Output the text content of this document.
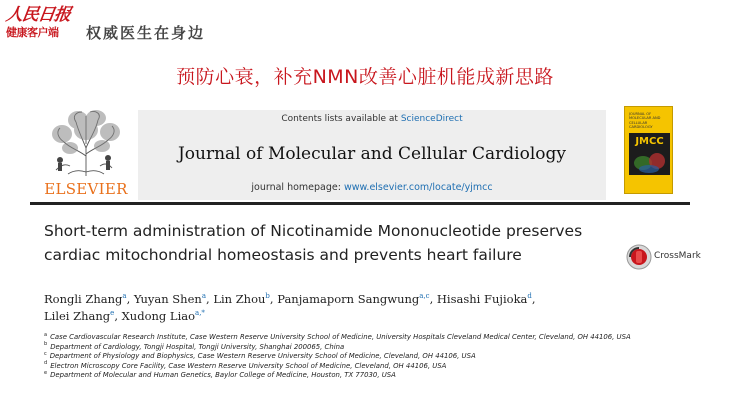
人民日报
健康客户端	权威医生在身边
预防心衰，补充NMN改善心脏机能成新思路
ELSEVIER
Contents lists available at ScienceDirect
Journal of Molecular and Cellular Cardiology
journal homepage: www.elsevier.com/locate/yjmcc
JOURNAL OF MOLECULAR AND CELLULAR CARDIOLOGY
JMCC
Short-term administration of Nicotinamide Mononucleotide preserves cardiac mitochondrial homeostasis and prevents heart failure	CrossMark
Rongli Zhang$^a$, Yuyan Shen$^a$, Lin Zhou$^b$, Panjamaporn Sangwung$^{a,c}$, Hisashi Fujioka$^d$,
Lilei Zhang$^e$, Xudong Liao$^{a,*}$
$^a$ Case Cardiovascular Research Institute, Case Western Reserve University School of Medicine, University Hospitals Cleveland Medical Center, Cleveland, OH 44106, USA
$^b$ Department of Cardiology, Tongji Hospital, Tongji University, Shanghai 200065, China
$^c$ Department of Physiology and Biophysics, Case Western Reserve University School of Medicine, Cleveland, OH 44106, USA
$^d$ Electron Microscopy Core Facility, Case Western Reserve University School of Medicine, Cleveland, OH 44106, USA
$^e$ Department of Molecular and Human Genetics, Baylor College of Medicine, Houston, TX 77030, USA
